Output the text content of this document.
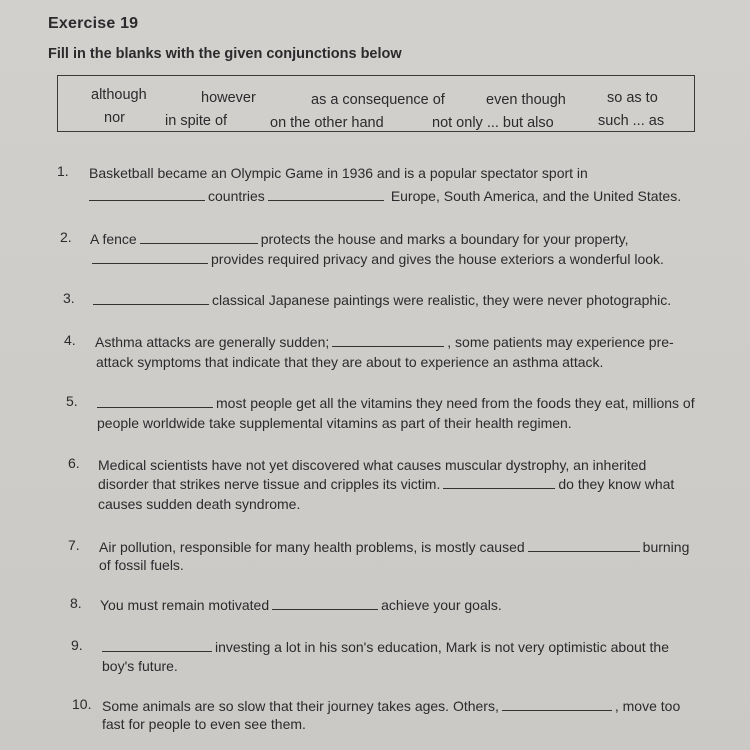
Exercise 19
Fill in the blanks with the given conjunctions below
although	however	as a consequence of	even though	so as to
nor	in spite of	on the other hand	not only ... but also	such ... as
1. Basketball became an Olympic Game in 1936 and is a popular spectator sport in
countries	Europe, South America, and the United States.
2. A fence	protects the house and marks a boundary for your property,
provides required privacy and gives the house exteriors a wonderful look.
3.	classical Japanese paintings were realistic, they were never photographic.
4. Asthma attacks are generally sudden;	, some patients may experience pre-
attack symptoms that indicate that they are about to experience an asthma attack.
5.	most people get all the vitamins they need from the foods they eat, millions of
people worldwide take supplemental vitamins as part of their health regimen.
6. Medical scientists have not yet discovered what causes muscular dystrophy, an inherited
disorder that strikes nerve tissue and cripples its victim.	do they know what
causes sudden death syndrome.
7. Air pollution, responsible for many health problems, is mostly caused	burning
of fossil fuels.
8. You must remain motivated	achieve your goals.
9.	investing a lot in his son's education, Mark is not very optimistic about the
boy's future.
10. Some animals are so slow that their journey takes ages. Others,	, move too
fast for people to even see them.
